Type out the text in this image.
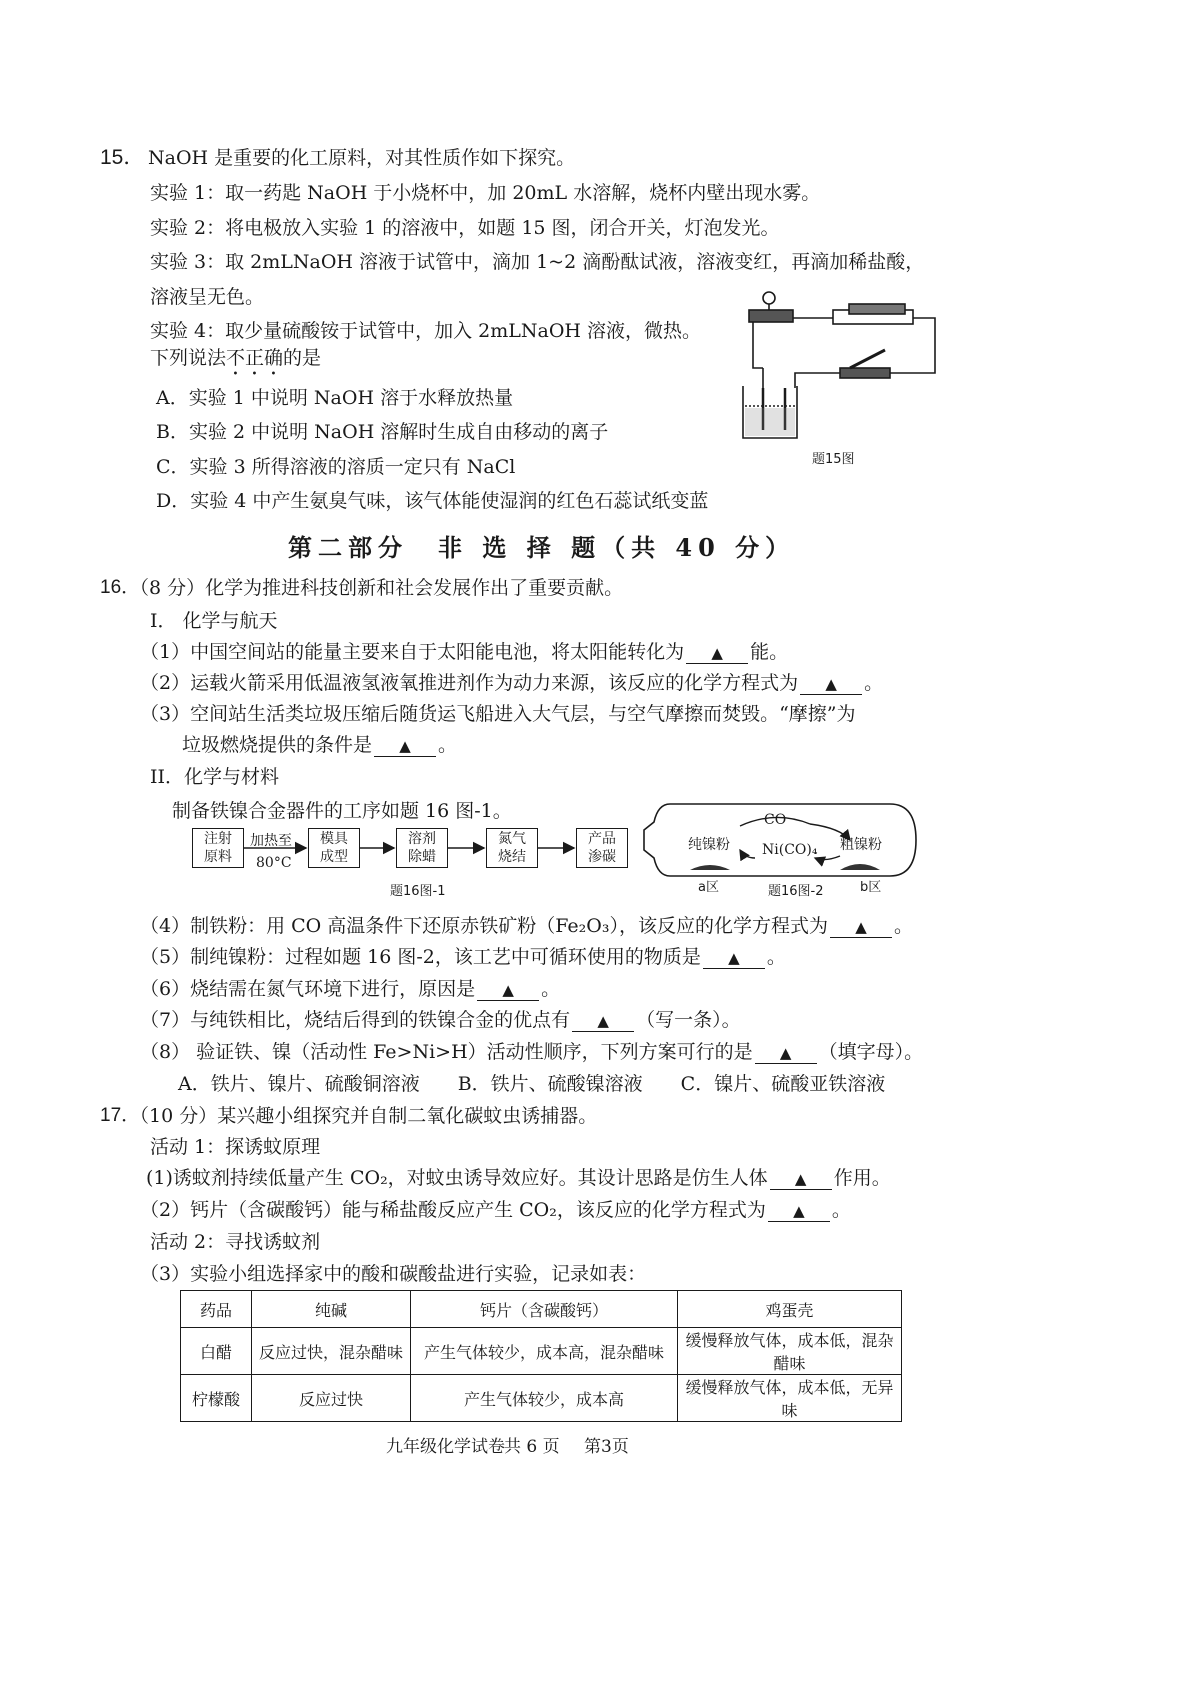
15． NaOH 是重要的化工原料，对其性质作如下探究。
实验 1：取一药匙 NaOH 于小烧杯中，加 20mL 水溶解，烧杯内壁出现水雾。
实验 2：将电极放入实验 1 的溶液中，如题 15 图，闭合开关，灯泡发光。
实验 3：取 2mLNaOH 溶液于试管中，滴加 1~2 滴酚酞试液，溶液变红，再滴加稀盐酸，
溶液呈无色。
实验 4：取少量硫酸铵于试管中，加入 2mLNaOH 溶液，微热。
下列说法不正确的是
A．实验 1 中说明 NaOH 溶于水释放热量
B．实验 2 中说明 NaOH 溶解时生成自由移动的离子
C．实验 3 所得溶液的溶质一定只有 NaCl
D．实验 4 中产生氨臭气味，该气体能使湿润的红色石蕊试纸变蓝
题15图
第二部分　非 选 择 题（共 40 分）
16．
（8 分）化学为推进科技创新和社会发展作出了重要贡献。
I． 化学与航天
（1）中国空间站的能量主要来自于太阳能电池，将太阳能转化为 ▲ 能。
（2）运载火箭采用低温液氢液氧推进剂作为动力来源，该反应的化学方程式为 ▲ 。
（3）空间站生活类垃圾压缩后随货运飞船进入大气层，与空气摩擦而焚毁。“摩擦”为
垃圾燃烧提供的条件是 ▲ 。
II．化学与材料
制备铁镍合金器件的工序如题 16 图-1。
注射
原料
加热至
80°C
模具
成型
溶剂
除蜡
氮气
烧结
产品
渗碳
题16图-1
CO
Ni(CO)₄
纯镍粉	粗镍粉
a区	题16图-2	b区
（4）制铁粉：用 CO 高温条件下还原赤铁矿粉（Fe₂O₃），该反应的化学方程式为 ▲ 。
（5）制纯镍粉：过程如题 16 图-2，该工艺中可循环使用的物质是 ▲ 。
（6）烧结需在氮气环境下进行，原因是 ▲ 。
（7）与纯铁相比，烧结后得到的铁镍合金的优点有 ▲ （写一条）。
（8） 验证铁、镍（活动性 Fe>Ni>H）活动性顺序，下列方案可行的是 ▲ （填字母）。
A．铁片、镍片、硫酸铜溶液　　B．铁片、硫酸镍溶液　　C．镍片、硫酸亚铁溶液
17．
（10 分）某兴趣小组探究并自制二氧化碳蚊虫诱捕器。
活动 1：探诱蚊原理
(1)诱蚊剂持续低量产生 CO₂，对蚊虫诱导效应好。其设计思路是仿生人体 ▲ 作用。
（2）钙片（含碳酸钙）能与稀盐酸反应产生 CO₂，该反应的化学方程式为 ▲ 。
活动 2：寻找诱蚊剂
（3）实验小组选择家中的酸和碳酸盐进行实验，记录如表：
药品	纯碱	钙片（含碳酸钙）	鸡蛋壳
白醋	反应过快，混杂醋味	产生气体较少，成本高，混杂醋味	缓慢释放气体，成本低，混杂醋味
柠檬酸	反应过快	产生气体较少，成本高	缓慢释放气体，成本低，无异味
九年级化学试卷 共 6 页 第3页
